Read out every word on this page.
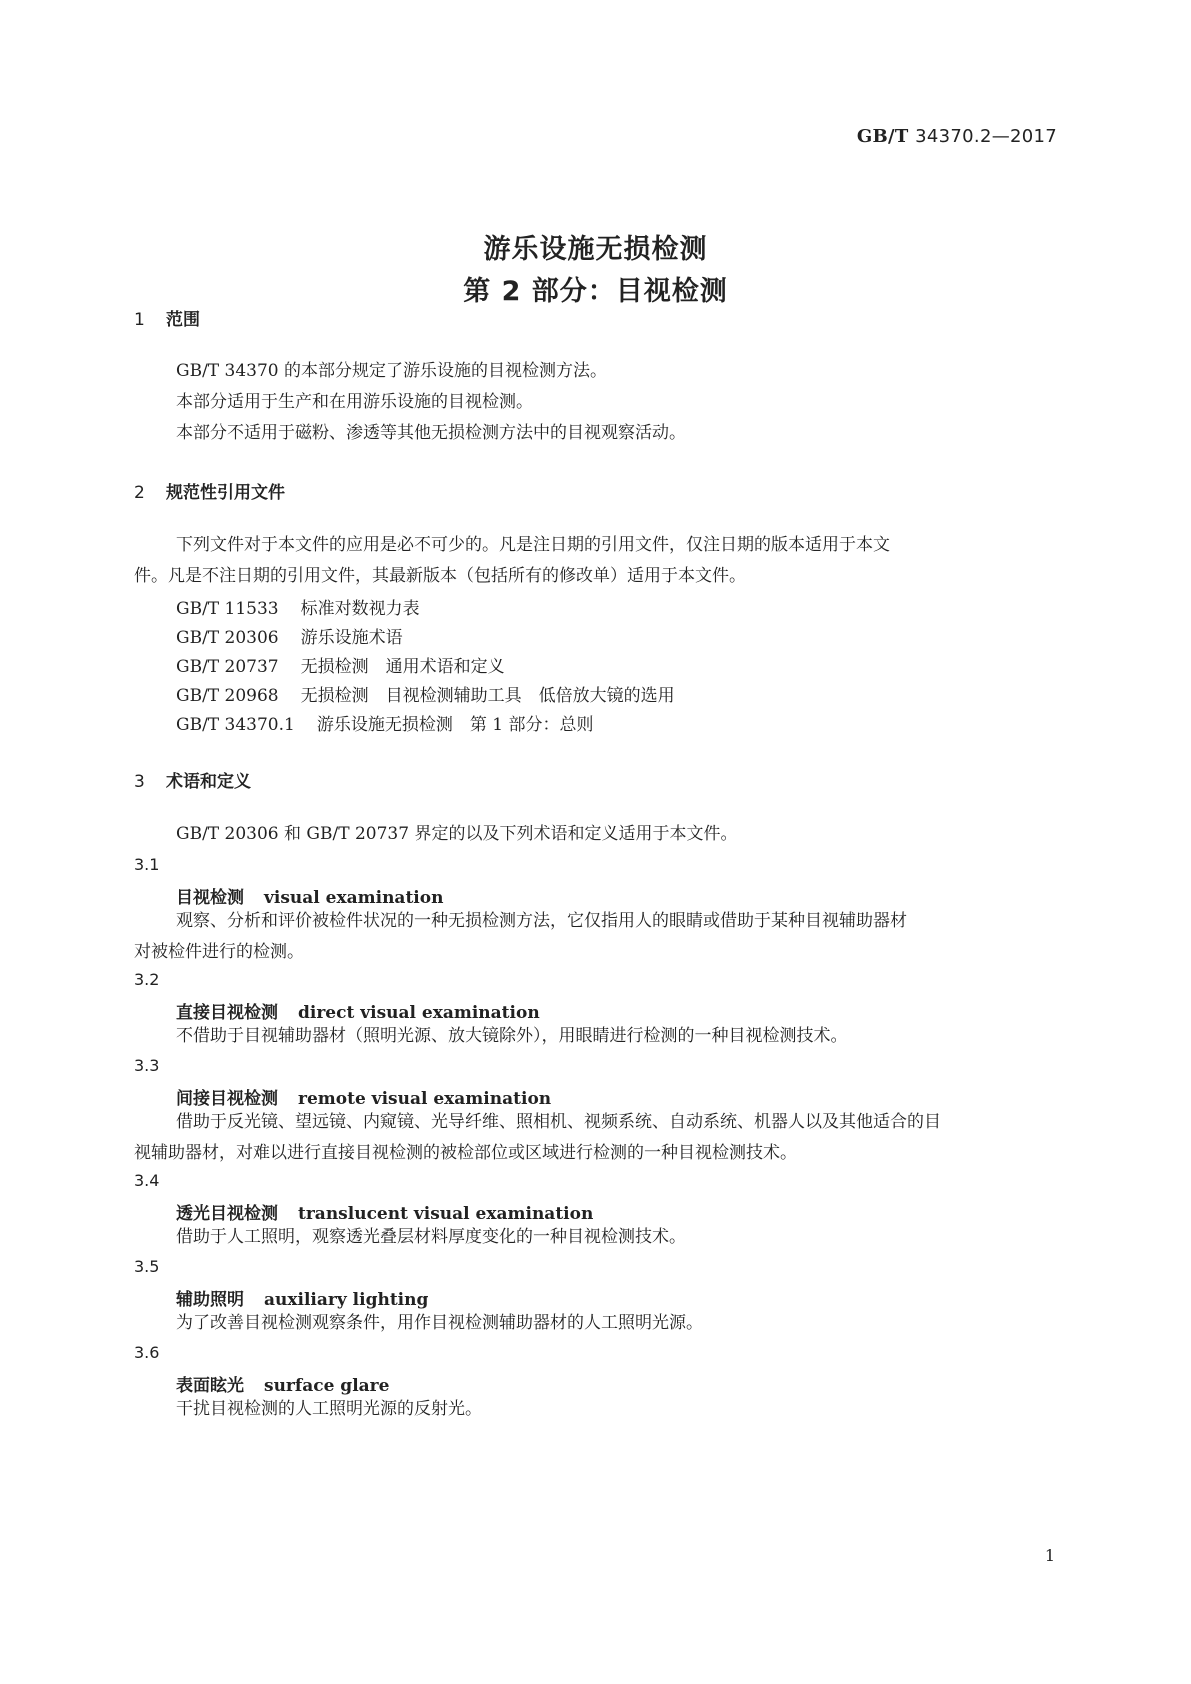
GB/T 34370.2—2017
游乐设施无损检测
第 2 部分：目视检测
1 范围
GB/T 34370 的本部分规定了游乐设施的目视检测方法。
本部分适用于生产和在用游乐设施的目视检测。
本部分不适用于磁粉、渗透等其他无损检测方法中的目视观察活动。
2 规范性引用文件
下列文件对于本文件的应用是必不可少的。凡是注日期的引用文件，仅注日期的版本适用于本文
件。凡是不注日期的引用文件，其最新版本（包括所有的修改单）适用于本文件。
GB/T 11533 标准对数视力表
GB/T 20306 游乐设施术语
GB/T 20737 无损检测　通用术语和定义
GB/T 20968 无损检测　目视检测辅助工具　低倍放大镜的选用
GB/T 34370.1 游乐设施无损检测　第 1 部分：总则
3 术语和定义
GB/T 20306 和 GB/T 20737 界定的以及下列术语和定义适用于本文件。
3.1
目视检测 visual examination
观察、分析和评价被检件状况的一种无损检测方法，它仅指用人的眼睛或借助于某种目视辅助器材
对被检件进行的检测。
3.2
直接目视检测 direct visual examination
不借助于目视辅助器材（照明光源、放大镜除外），用眼睛进行检测的一种目视检测技术。
3.3
间接目视检测 remote visual examination
借助于反光镜、望远镜、内窥镜、光导纤维、照相机、视频系统、自动系统、机器人以及其他适合的目
视辅助器材，对难以进行直接目视检测的被检部位或区域进行检测的一种目视检测技术。
3.4
透光目视检测 translucent visual examination
借助于人工照明，观察透光叠层材料厚度变化的一种目视检测技术。
3.5
辅助照明 auxiliary lighting
为了改善目视检测观察条件，用作目视检测辅助器材的人工照明光源。
3.6
表面眩光 surface glare
干扰目视检测的人工照明光源的反射光。
1
